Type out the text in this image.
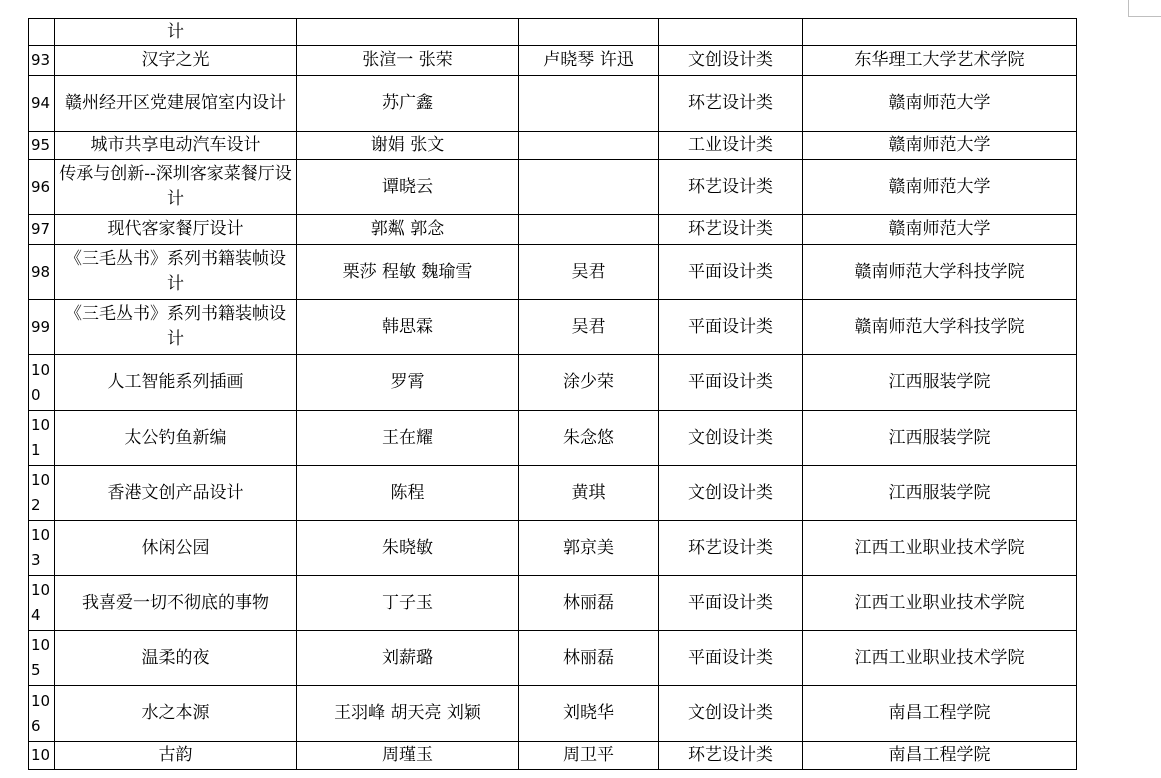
	计				
93	汉字之光	张渲一 张荣	卢晓琴 许迅	文创设计类	东华理工大学艺术学院
94	赣州经开区党建展馆室内设计	苏广鑫		环艺设计类	赣南师范大学
95	城市共享电动汽车设计	谢娟 张文		工业设计类	赣南师范大学
96	传承与创新--深圳客家菜餐厅设计	谭晓云		环艺设计类	赣南师范大学
97	现代客家餐厅设计	郭粼 郭念		环艺设计类	赣南师范大学
98	《三毛丛书》系列书籍装帧设计	栗莎 程敏 魏瑜雪	吴君	平面设计类	赣南师范大学科技学院
99	《三毛丛书》系列书籍装帧设计	韩思霖	吴君	平面设计类	赣南师范大学科技学院
100	人工智能系列插画	罗霄	涂少荣	平面设计类	江西服装学院
101	太公钓鱼新编	王在耀	朱念悠	文创设计类	江西服装学院
102	香港文创产品设计	陈程	黄琪	文创设计类	江西服装学院
103	休闲公园	朱晓敏	郭京美	环艺设计类	江西工业职业技术学院
104	我喜爱一切不彻底的事物	丁子玉	林丽磊	平面设计类	江西工业职业技术学院
105	温柔的夜	刘薪璐	林丽磊	平面设计类	江西工业职业技术学院
106	水之本源	王羽峰 胡天亮 刘颖	刘晓华	文创设计类	南昌工程学院
10	古韵	周瑾玉	周卫平	环艺设计类	南昌工程学院
